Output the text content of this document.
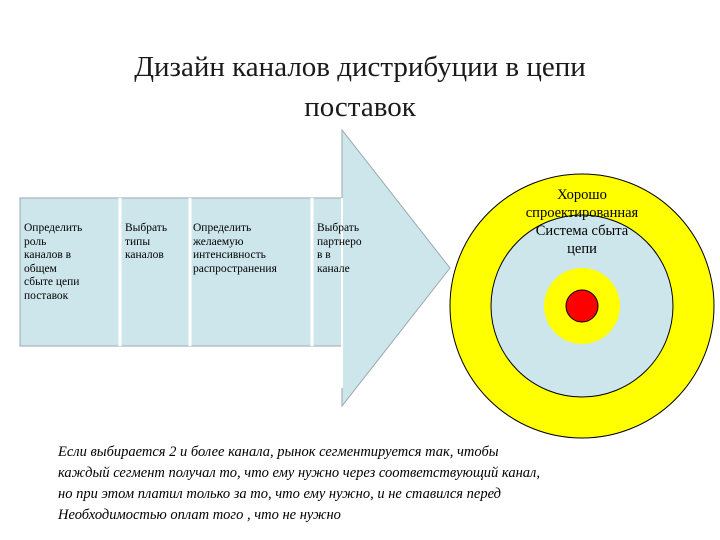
Дизайн каналов дистрибуции в цепи
поставок
Определить
роль
каналов в
общем
сбыте цепи
поставок
Выбрать
типы
каналов
Определить
желаемую
интенсивность
распространения
Выбрать
партнеро
в в
канале
Хорошо
спроектированная
Система сбыта
цепи
Если выбирается 2 и более канала, рынок сегментируется так, чтобы
каждый сегмент получал то, что ему нужно через соответствующий канал,
но при этом платил только за то, что ему нужно, и не ставился перед
Необходимостью оплат того , что не нужно
